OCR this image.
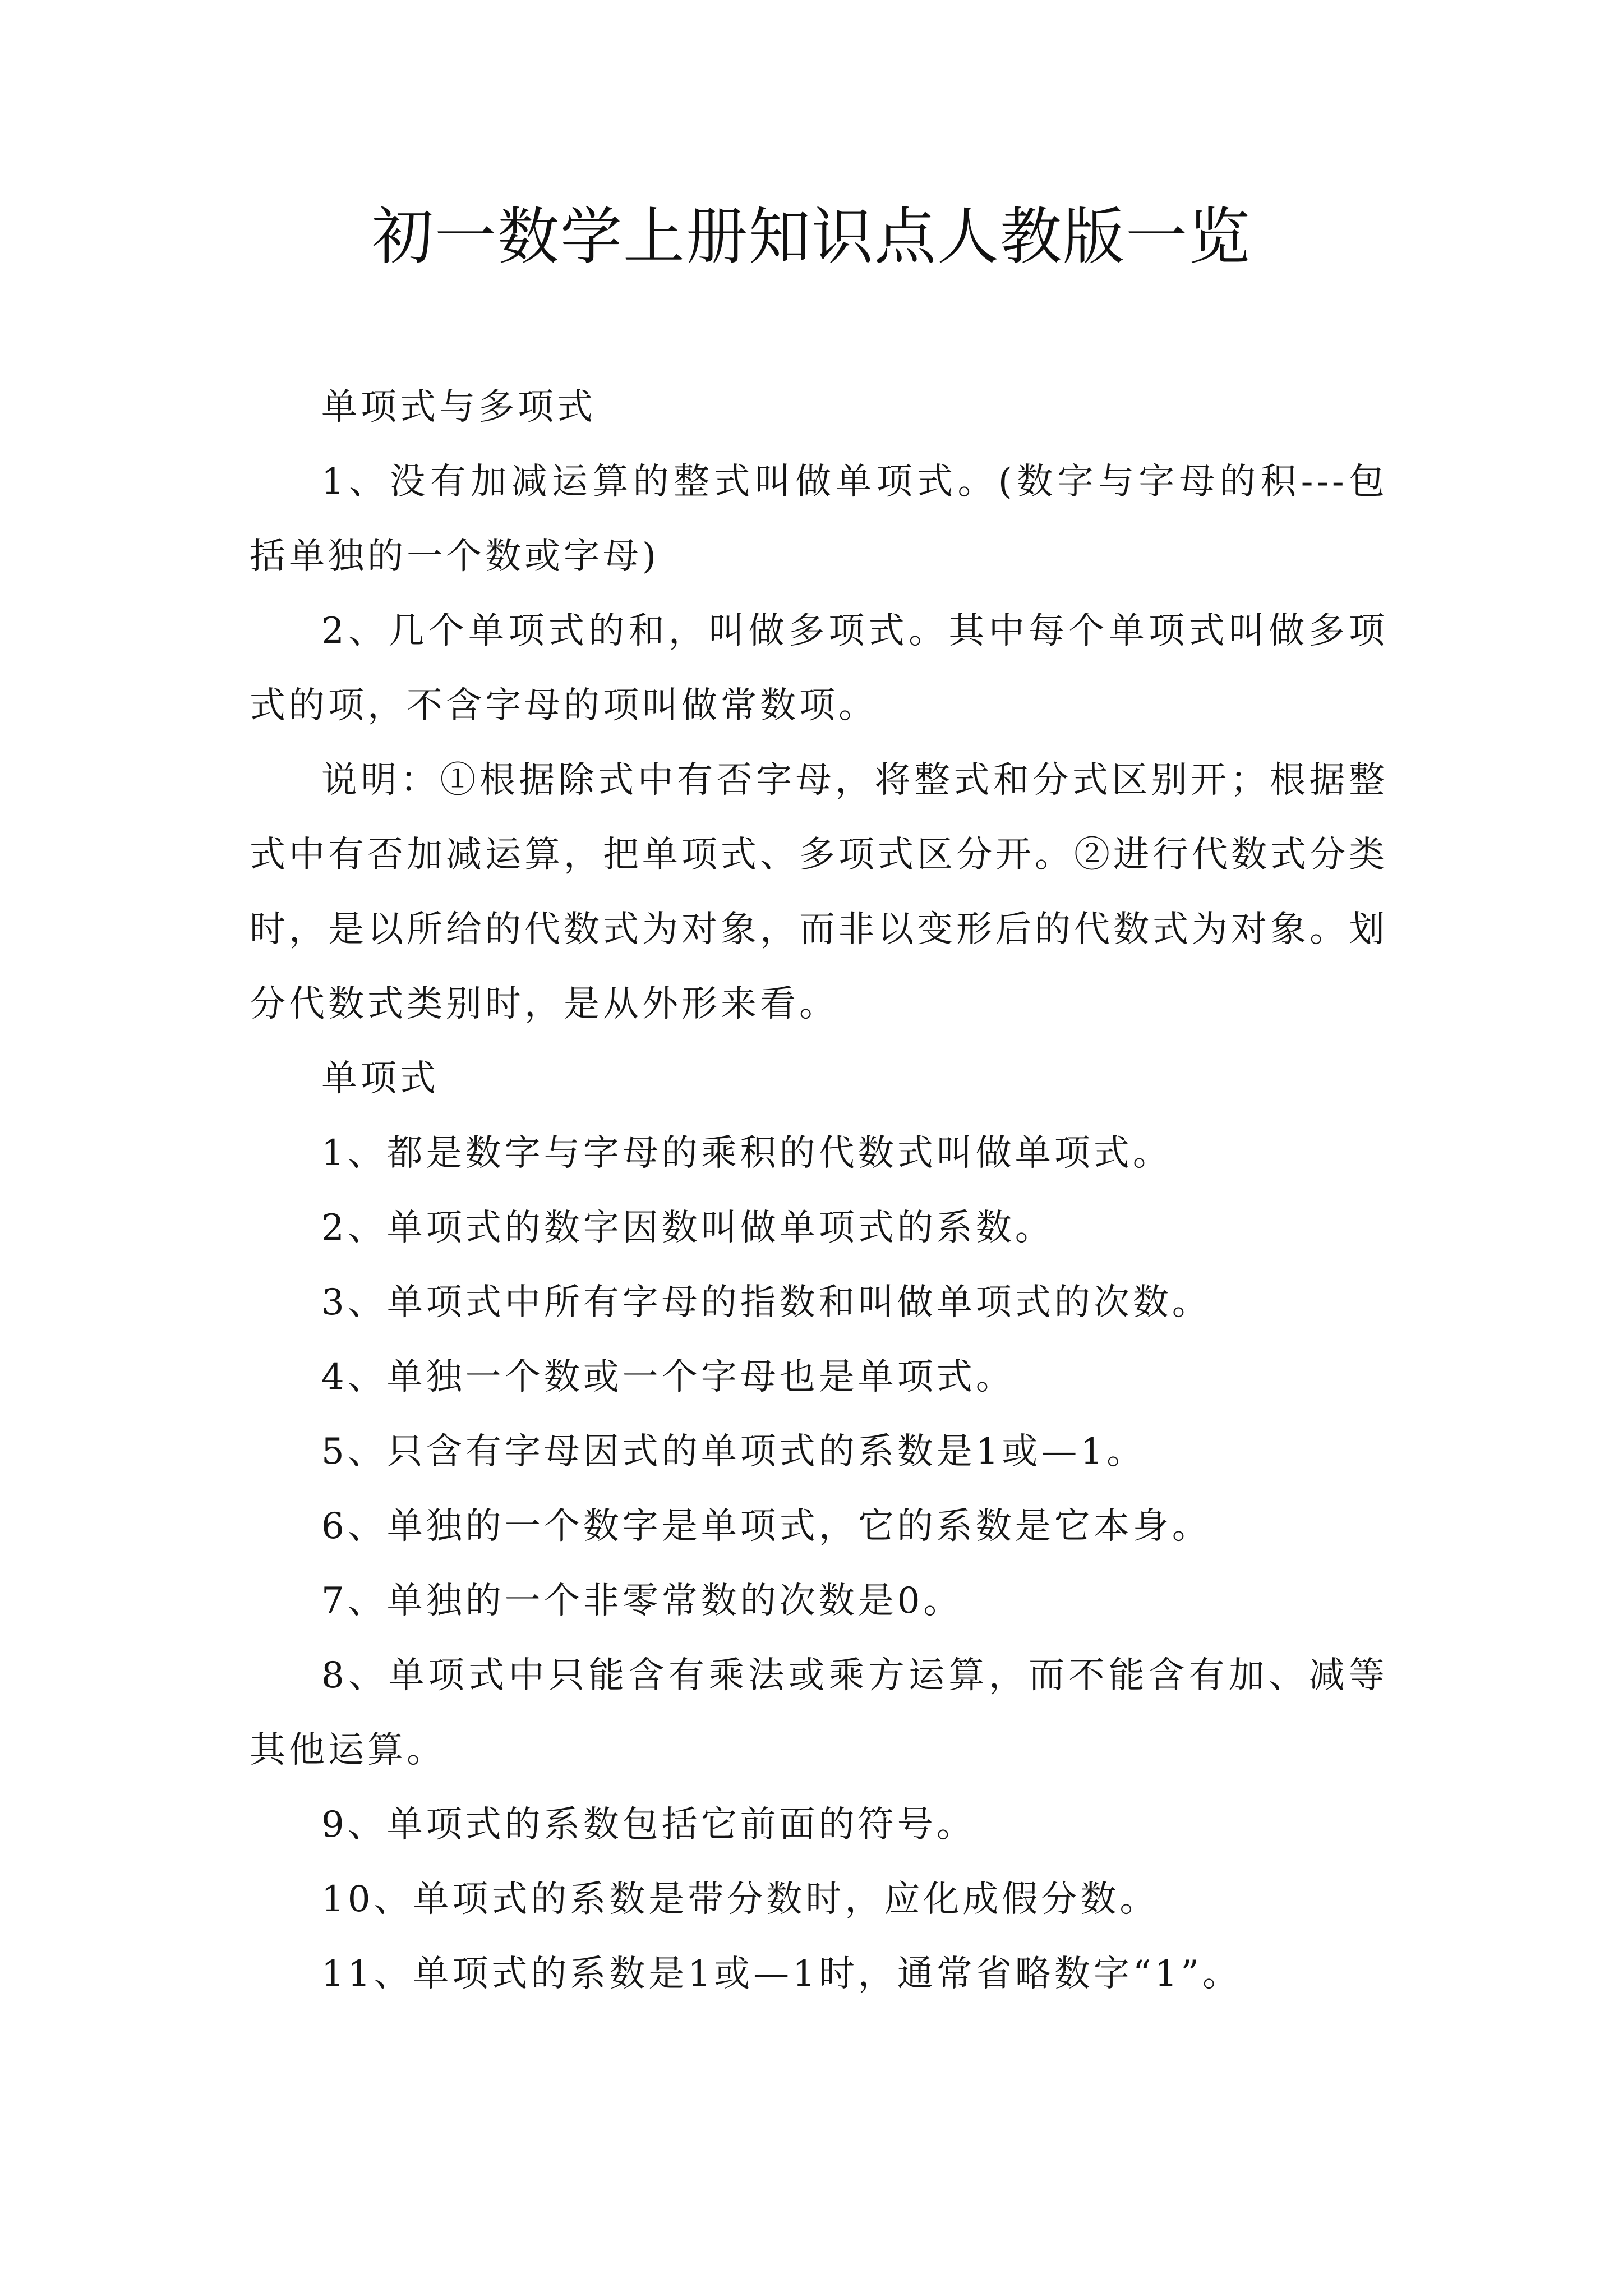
初一数学上册知识点人教版一览

单项式与多项式

1、没有加减运算的整式叫做单项式。(数字与字母的积---包括单独的一个数或字母)

2、几个单项式的和，叫做多项式。其中每个单项式叫做多项式的项，不含字母的项叫做常数项。

说明：①根据除式中有否字母，将整式和分式区别开；根据整式中有否加减运算，把单项式、多项式区分开。②进行代数式分类时，是以所给的代数式为对象，而非以变形后的代数式为对象。划分代数式类别时，是从外形来看。

单项式

1、都是数字与字母的乘积的代数式叫做单项式。

2、单项式的数字因数叫做单项式的系数。

3、单项式中所有字母的指数和叫做单项式的次数。

4、单独一个数或一个字母也是单项式。

5、只含有字母因式的单项式的系数是1或—1。

6、单独的一个数字是单项式，它的系数是它本身。

7、单独的一个非零常数的次数是0。

8、单项式中只能含有乘法或乘方运算，而不能含有加、减等其他运算。

9、单项式的系数包括它前面的符号。

10、单项式的系数是带分数时，应化成假分数。

11、单项式的系数是1或—1时，通常省略数字“1”。
